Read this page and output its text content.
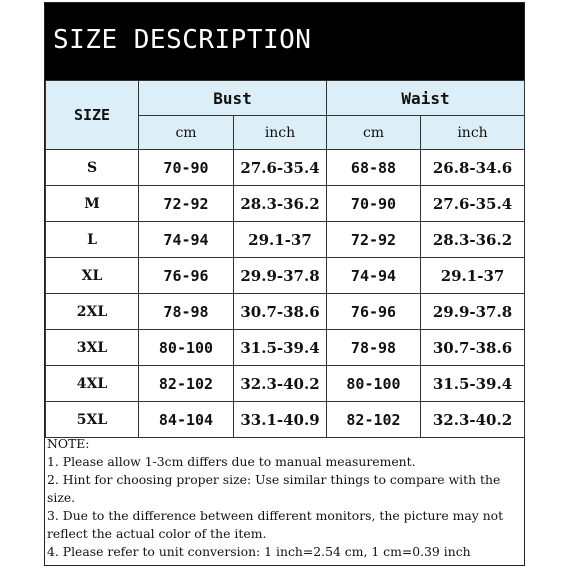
SIZE DESCRIPTION
SIZE	Bust		Waist	
	cm	inch	cm	inch
S	70-90	27.6-35.4	68-88	26.8-34.6
M	72-92	28.3-36.2	70-90	27.6-35.4
L	74-94	29.1-37	72-92	28.3-36.2
XL	76-96	29.9-37.8	74-94	29.1-37
2XL	78-98	30.7-38.6	76-96	29.9-37.8
3XL	80-100	31.5-39.4	78-98	30.7-38.6
4XL	82-102	32.3-40.2	80-100	31.5-39.4
5XL	84-104	33.1-40.9	82-102	32.3-40.2
NOTE:
1. Please allow 1-3cm differs due to manual measurement.
2. Hint for choosing proper size: Use similar things to compare with the size.
3. Due to the difference between different monitors, the picture may not reflect the actual color of the item.
4. Please refer to unit conversion: 1 inch=2.54 cm, 1 cm=0.39 inch
